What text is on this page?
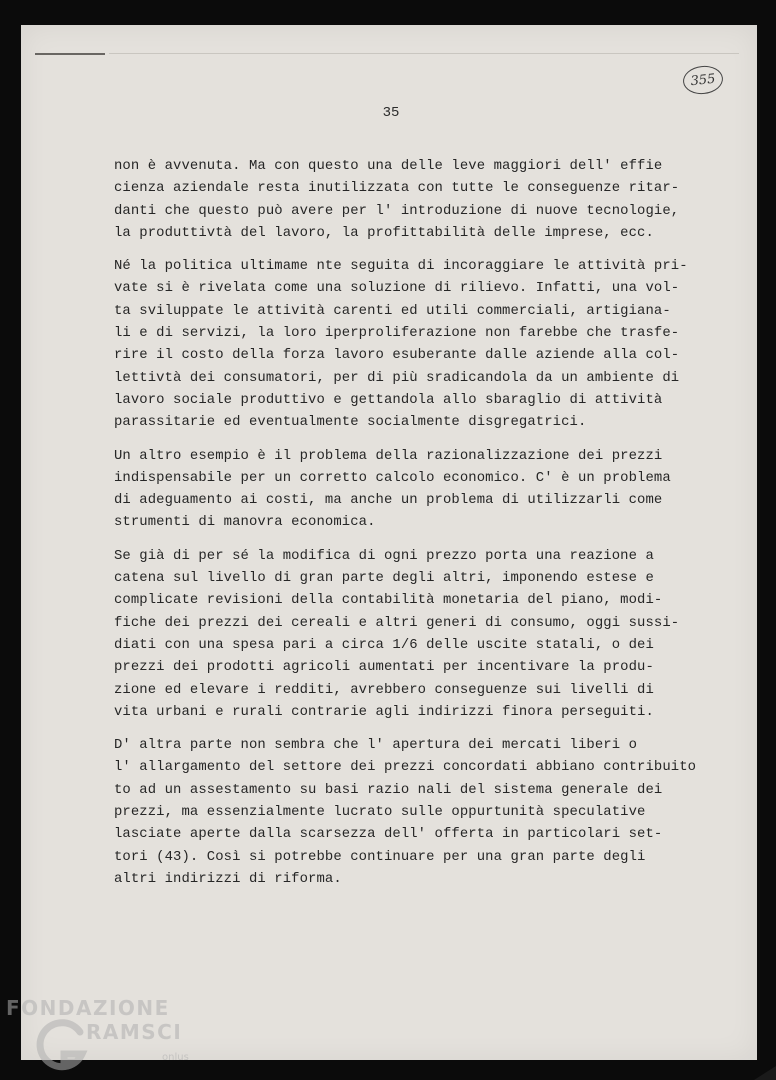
355
35
non è avvenuta. Ma con questo una delle leve maggiori dell' effie
cienza aziendale resta inutilizzata con tutte le conseguenze ritar-
danti che questo può avere per l' introduzione di nuove tecnologie,
la produttivtà del lavoro, la profittabilità delle imprese, ecc.
Né la politica ultimame nte seguita di incoraggiare le attività pri-
vate si è rivelata come una soluzione di rilievo. Infatti, una vol-
ta sviluppate le attività carenti ed utili commerciali, artigiana-
li e di servizi, la loro iperproliferazione non farebbe che trasfe-
rire il costo della forza lavoro esuberante dalle aziende alla col-
lettivtà dei consumatori, per di più sradicandola da un ambiente di
lavoro sociale produttivo e gettandola allo sbaraglio di attività
parassitarie ed eventualmente socialmente disgregatrici.
Un altro esempio è il problema della razionalizzazione dei prezzi
indispensabile per un corretto calcolo economico. C' è un problema
di adeguamento ai costi, ma anche un problema di utilizzarli come
strumenti di manovra economica.
Se già di per sé la modifica di ogni prezzo porta una reazione a
catena sul livello di gran parte degli altri, imponendo estese e
complicate revisioni della contabilità monetaria del piano, modi-
fiche dei prezzi dei cereali e altri generi di consumo, oggi sussi-
diati con una spesa pari a circa 1/6 delle uscite statali, o dei
prezzi dei prodotti agricoli aumentati per incentivare la produ-
zione ed elevare i redditi, avrebbero conseguenze sui livelli di
vita urbani e rurali contrarie agli indirizzi finora perseguiti.
D' altra parte non sembra che l' apertura dei mercati liberi o
l' allargamento del settore dei prezzi concordati abbiano contribuito
to ad un assestamento su basi razio nali del sistema generale dei
prezzi, ma essenzialmente lucrato sulle oppurtunità speculative
lasciate aperte dalla scarsezza dell' offerta in particolari set-
tori (43). Così si potrebbe continuare per una gran parte degli
altri indirizzi di riforma.
FONDAZIONE
RAMSCI
onlus
